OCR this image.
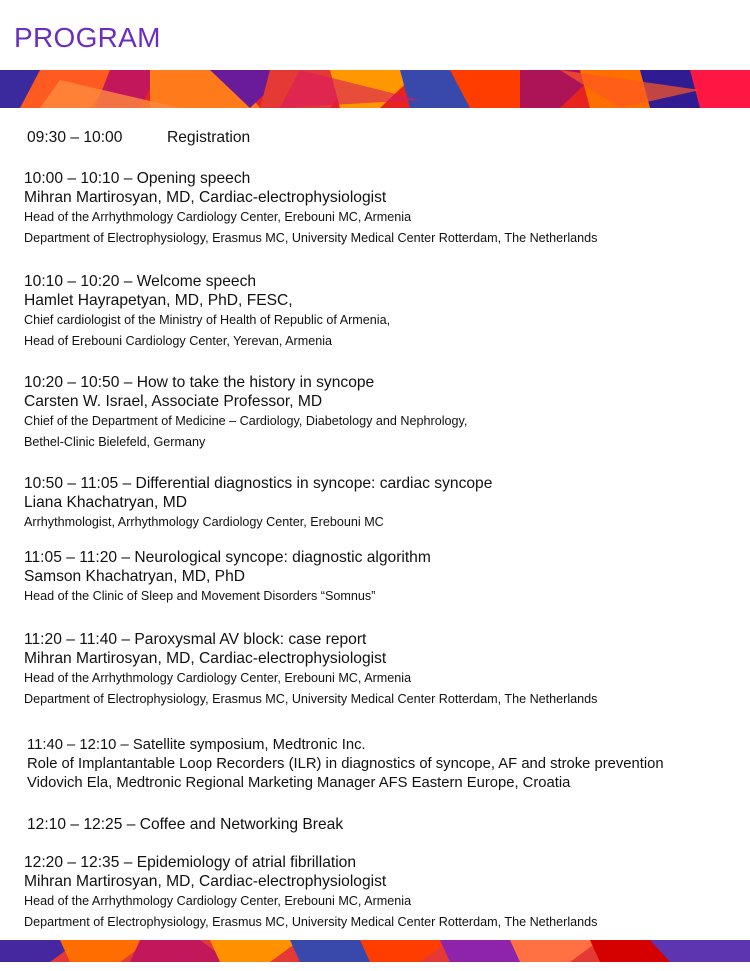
PROGRAM
09:30 – 10:00	Registration
10:00 – 10:10 – Opening speech
Mihran Martirosyan, MD, Cardiac-electrophysiologist
Head of the Arrhythmology Cardiology Center, Erebouni MC, Armenia
Department of Electrophysiology, Erasmus MC, University Medical Center Rotterdam, The Netherlands
10:10 – 10:20 – Welcome speech
Hamlet Hayrapetyan, MD, PhD, FESC,
Chief cardiologist of the Ministry of Health of Republic of Armenia,
Head of Erebouni Cardiology Center, Yerevan, Armenia
10:20 – 10:50 – How to take the history in syncope
Carsten W. Israel, Associate Professor, MD
Chief of the Department of Medicine – Cardiology, Diabetology and Nephrology,
Bethel-Clinic Bielefeld, Germany
10:50 – 11:05 – Differential diagnostics in syncope: cardiac syncope
Liana Khachatryan, MD
Arrhythmologist, Arrhythmology Cardiology Center, Erebouni MC
11:05 – 11:20 – Neurological syncope: diagnostic algorithm
Samson Khachatryan, MD, PhD
Head of the Clinic of Sleep and Movement Disorders “Somnus”
11:20 – 11:40 – Paroxysmal AV block: case report
Mihran Martirosyan, MD, Cardiac-electrophysiologist
Head of the Arrhythmology Cardiology Center, Erebouni MC, Armenia
Department of Electrophysiology, Erasmus MC, University Medical Center Rotterdam, The Netherlands
11:40 – 12:10 – Satellite symposium, Medtronic Inc.
Role of Implantantable Loop Recorders (ILR) in diagnostics of syncope, AF and stroke prevention
Vidovich Ela, Medtronic Regional Marketing Manager AFS Eastern Europe, Croatia
12:10 – 12:25 – Coffee and Networking Break
12:20 – 12:35 – Epidemiology of atrial fibrillation
Mihran Martirosyan, MD, Cardiac-electrophysiologist
Head of the Arrhythmology Cardiology Center, Erebouni MC, Armenia
Department of Electrophysiology, Erasmus MC, University Medical Center Rotterdam, The Netherlands
